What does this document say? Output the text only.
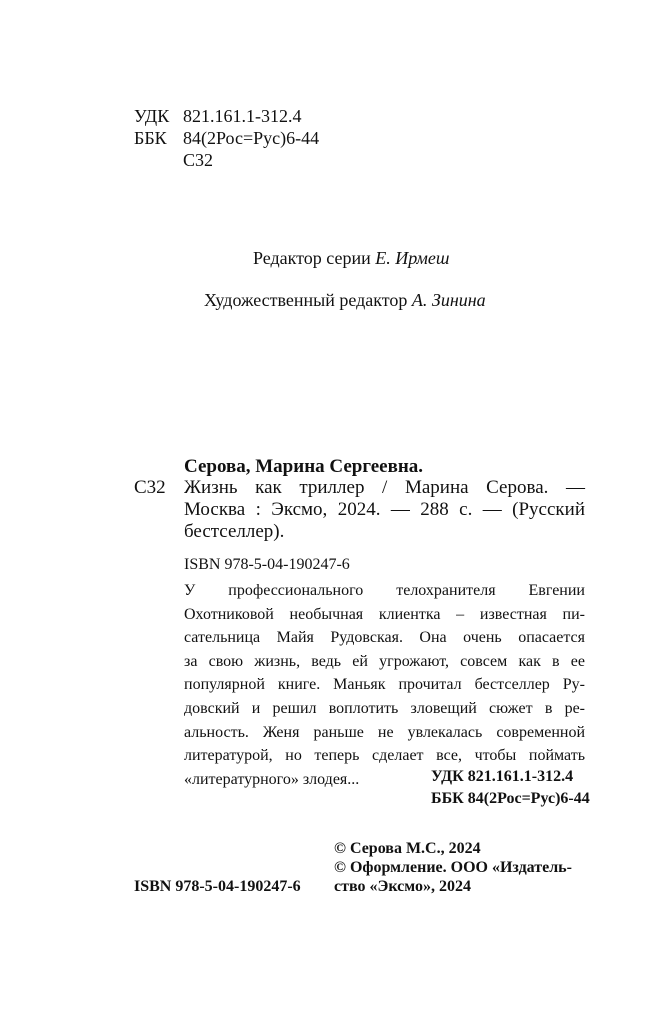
УДК 821.161.1-312.4
ББК 84(2Рос=Рус)6-44
С32
Редактор серии Е. Ирмеш
Художественный редактор А. Зинина
Серова, Марина Сергеевна.
С32 Жизнь как триллер / Марина Серова. —
Москва : Эксмо, 2024. — 288 с. — (Русский
бестселлер).
ISBN 978-5-04-190247-6
У профессионального телохранителя Евгении
Охотниковой необычная клиентка – известная пи-
сательница Майя Рудовская. Она очень опасается
за свою жизнь, ведь ей угрожают, совсем как в ее
популярной книге. Маньяк прочитал бестселлер Ру-
довский и решил воплотить зловещий сюжет в ре-
альность. Женя раньше не увлекалась современной
литературой, но теперь сделает все, чтобы поймать
«литературного» злодея...	УДК 821.161.1-312.4
ББК 84(2Рос=Рус)6-44
© Серова М.С., 2024
© Оформление. ООО «Издатель-
ство «Эксмо», 2024
ISBN 978-5-04-190247-6
